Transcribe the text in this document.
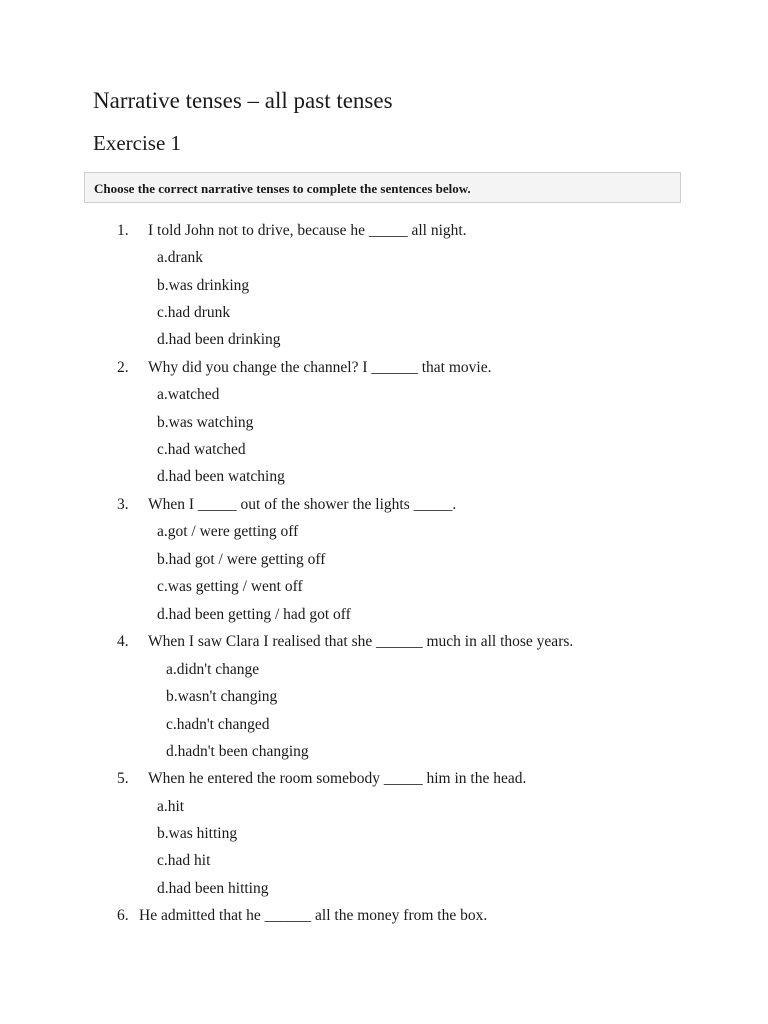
Narrative tenses – all past tenses
Exercise 1
Choose the correct narrative tenses to complete the sentences below.
1. I told John not to drive, because he _____ all night.
a.drank
b.was drinking
c.had drunk
d.had been drinking
2. Why did you change the channel? I ______ that movie.
a.watched
b.was watching
c.had watched
d.had been watching
3. When I _____ out of the shower the lights _____.
a.got / were getting off
b.had got / were getting off
c.was getting / went off
d.had been getting / had got off
4. When I saw Clara I realised that she ______ much in all those years.
a.didn't change
b.wasn't changing
c.hadn't changed
d.hadn't been changing
5. When he entered the room somebody _____ him in the head.
a.hit
b.was hitting
c.had hit
d.had been hitting
6. He admitted that he ______ all the money from the box.
